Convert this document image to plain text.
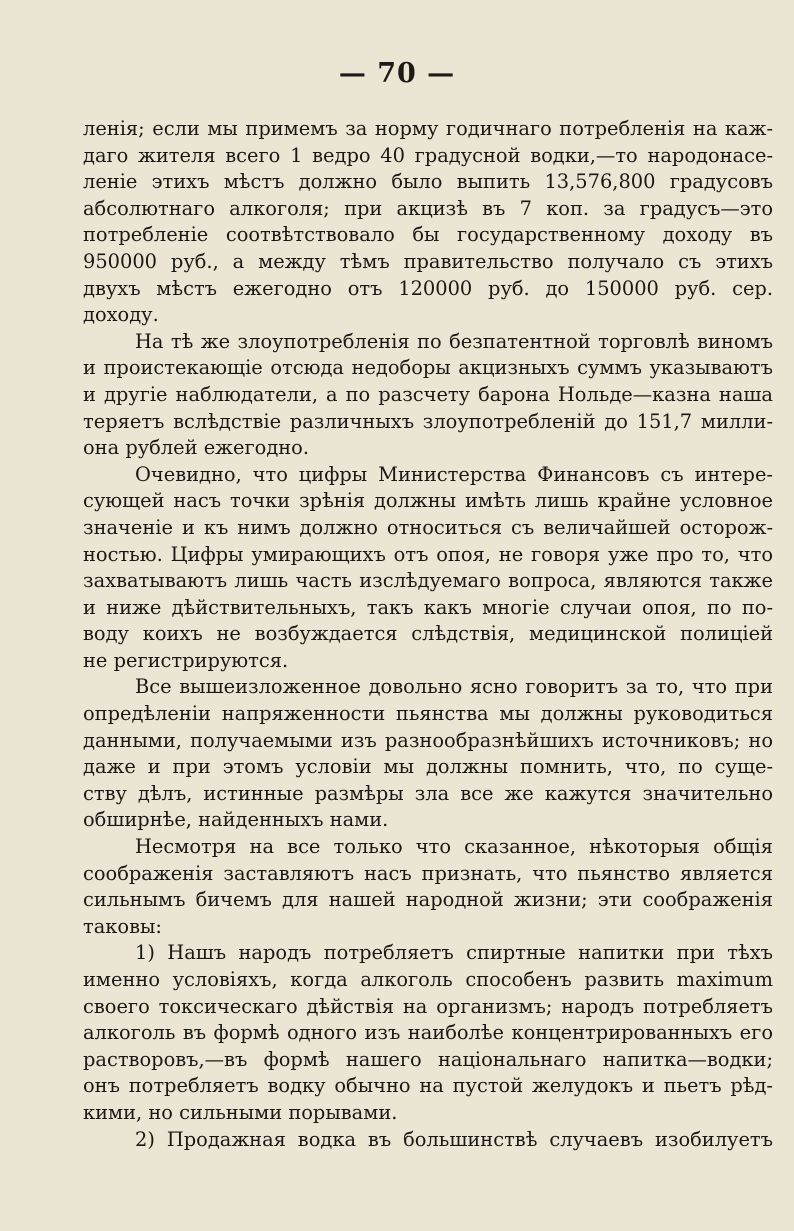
— 70 —
ленія; если мы примемъ за норму годичнаго потребленія на каж-
даго жителя всего 1 ведро 40 градусной водки,—то народонасе-
леніе этихъ мѣстъ должно было выпить 13,576,800 градусовъ
абсолютнаго алкоголя; при акцизѣ въ 7 коп. за градусъ—это
потребленіе соотвѣтствовало бы государственному доходу въ
950000 руб., а между тѣмъ правительство получало съ этихъ
двухъ мѣстъ ежегодно отъ 120000 руб. до 150000 руб. сер.
доходу.
На тѣ же злоупотребленія по безпатентной торговлѣ виномъ
и проистекающіе отсюда недоборы акцизныхъ суммъ указываютъ
и другіе наблюдатели, а по разсчету барона Нольде—казна наша
теряетъ вслѣдствіе различныхъ злоупотребленій до 151,7 милли-
она рублей ежегодно.
Очевидно, что цифры Министерства Финансовъ съ интере-
сующей насъ точки зрѣнія должны имѣть лишь крайне условное
значеніе и къ нимъ должно относиться съ величайшей осторож-
ностью. Цифры умирающихъ отъ опоя, не говоря уже про то, что
захватываютъ лишь часть изслѣдуемаго вопроса, являются также
и ниже дѣйствительныхъ, такъ какъ многіе случаи опоя, по по-
воду коихъ не возбуждается слѣдствія, медицинской полиціей
не регистрируются.
Все вышеизложенное довольно ясно говоритъ за то, что при
опредѣленіи напряженности пьянства мы должны руководиться
данными, получаемыми изъ разнообразнѣйшихъ источниковъ; но
даже и при этомъ условіи мы должны помнить, что, по суще-
ству дѣлъ, истинные размѣры зла все же кажутся значительно
обширнѣе, найденныхъ нами.
Несмотря на все только что сказанное, нѣкоторыя общія
соображенія заставляютъ насъ признать, что пьянство является
сильнымъ бичемъ для нашей народной жизни; эти соображенія
таковы:
1) Нашъ народъ потребляетъ спиртные напитки при тѣхъ
именно условіяхъ, когда алкоголь способенъ развить maximum
своего токсическаго дѣйствія на организмъ; народъ потребляетъ
алкоголь въ формѣ одного изъ наиболѣе концентрированныхъ его
растворовъ,—въ формѣ нашего національнаго напитка—водки;
онъ потребляетъ водку обычно на пустой желудокъ и пьетъ рѣд-
кими, но сильными порывами.
2) Продажная водка въ большинствѣ случаевъ изобилуетъ
